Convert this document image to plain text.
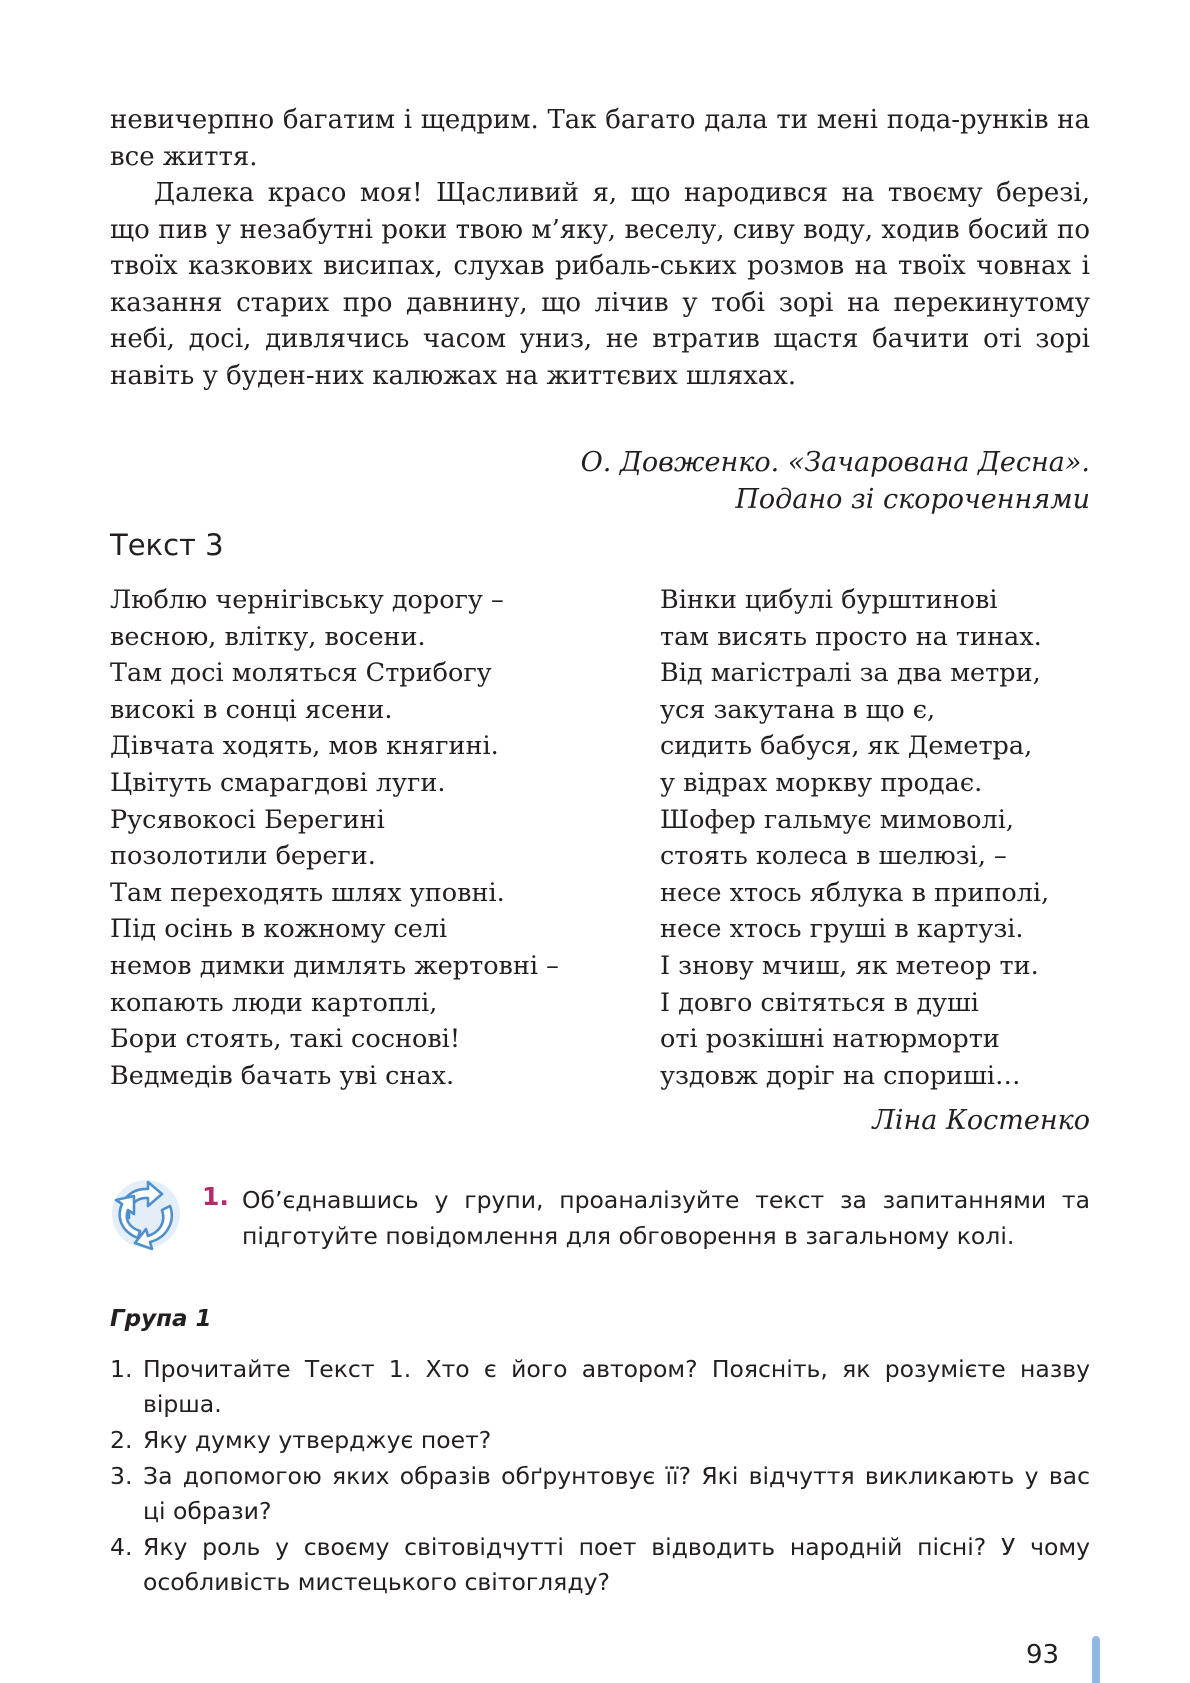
невичерпно багатим і щедрим. Так багато дала ти мені пода-рунків на все життя.

Далека красо моя! Щасливий я, що народився на твоєму березі, що пив у незабутні роки твою м’яку, веселу, сиву воду, ходив босий по твоїх казкових висипах, слухав рибаль-ських розмов на твоїх човнах і казання старих про давнину, що лічив у тобі зорі на перекинутому небі, досі, дивлячись часом униз, не втратив щастя бачити оті зорі навіть у буден-них калюжах на життєвих шляхах.

О. Довженко. «Зачарована Десна».
Подано зі скороченнями
Текст 3
Люблю чернігівську дорогу –
весною, влітку, восени.
Там досі моляться Стрибогу
високі в сонці ясени.
Дівчата ходять, мов княгині.
Цвітуть смарагдові луги.
Русявокосі Берегині
позолотили береги.
Там переходять шлях уповні.
Під осінь в кожному селі
немов димки димлять жертовні –
копають люди картоплі,
Бори стоять, такі соснові!
Ведмедів бачать уві снах.
Вінки цибулі бурштинові
там висять просто на тинах.
Від магістралі за два метри,
уся закутана в що є,
сидить бабуся, як Деметра,
у відрах моркву продає.
Шофер гальмує мимоволі,
стоять колеса в шелюзі, –
несе хтось яблука в приполі,
несе хтось груші в картузі.
І знову мчиш, як метеор ти.
І довго світяться в душі
оті розкішні натюрморти
уздовж доріг на спориші…
Ліна Костенко
1. Об’єднавшись у групи, проаналізуйте текст за запитаннями та підготуйте повідомлення для обговорення в загальному колі.

Група 1
1. Прочитайте Текст 1. Хто є його автором? Поясніть, як розумієте назву вірша.
2. Яку думку утверджує поет?
3. За допомогою яких образів обґрунтовує її? Які відчуття викликають у вас ці образи?
4. Яку роль у своєму світовідчутті поет відводить народній пісні? У чому особливість мистецького світогляду?
93
